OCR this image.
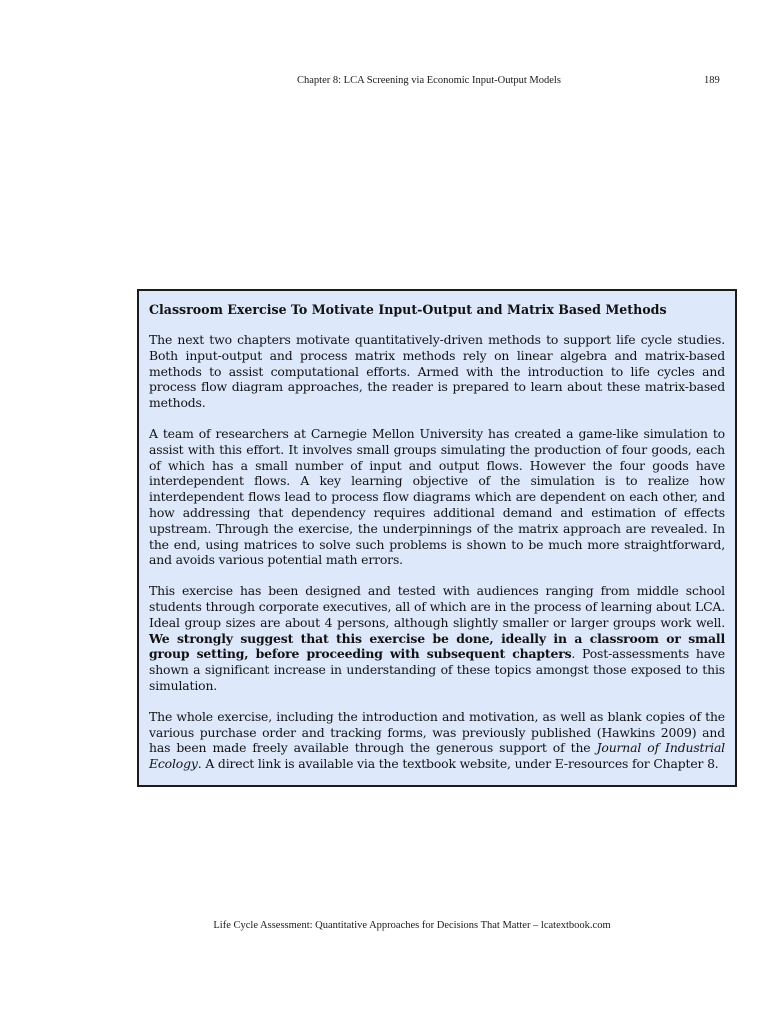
Chapter 8: LCA Screening via Economic Input-Output Models	189
Classroom Exercise To Motivate Input-Output and Matrix Based Methods

The next two chapters motivate quantitatively-driven methods to support life cycle studies. Both input-output and process matrix methods rely on linear algebra and matrix-based methods to assist computational efforts. Armed with the introduction to life cycles and process flow diagram approaches, the reader is prepared to learn about these matrix-based methods.

A team of researchers at Carnegie Mellon University has created a game-like simulation to assist with this effort. It involves small groups simulating the production of four goods, each of which has a small number of input and output flows. However the four goods have interdependent flows. A key learning objective of the simulation is to realize how interdependent flows lead to process flow diagrams which are dependent on each other, and how addressing that dependency requires additional demand and estimation of effects upstream. Through the exercise, the underpinnings of the matrix approach are revealed. In the end, using matrices to solve such problems is shown to be much more straightforward, and avoids various potential math errors.

This exercise has been designed and tested with audiences ranging from middle school students through corporate executives, all of which are in the process of learning about LCA. Ideal group sizes are about 4 persons, although slightly smaller or larger groups work well. We strongly suggest that this exercise be done, ideally in a classroom or small group setting, before proceeding with subsequent chapters. Post-assessments have shown a significant increase in understanding of these topics amongst those exposed to this simulation.

The whole exercise, including the introduction and motivation, as well as blank copies of the various purchase order and tracking forms, was previously published (Hawkins 2009) and has been made freely available through the generous support of the Journal of Industrial Ecology. A direct link is available via the textbook website, under E-resources for Chapter 8.

Life Cycle Assessment: Quantitative Approaches for Decisions That Matter – lcatextbook.com
